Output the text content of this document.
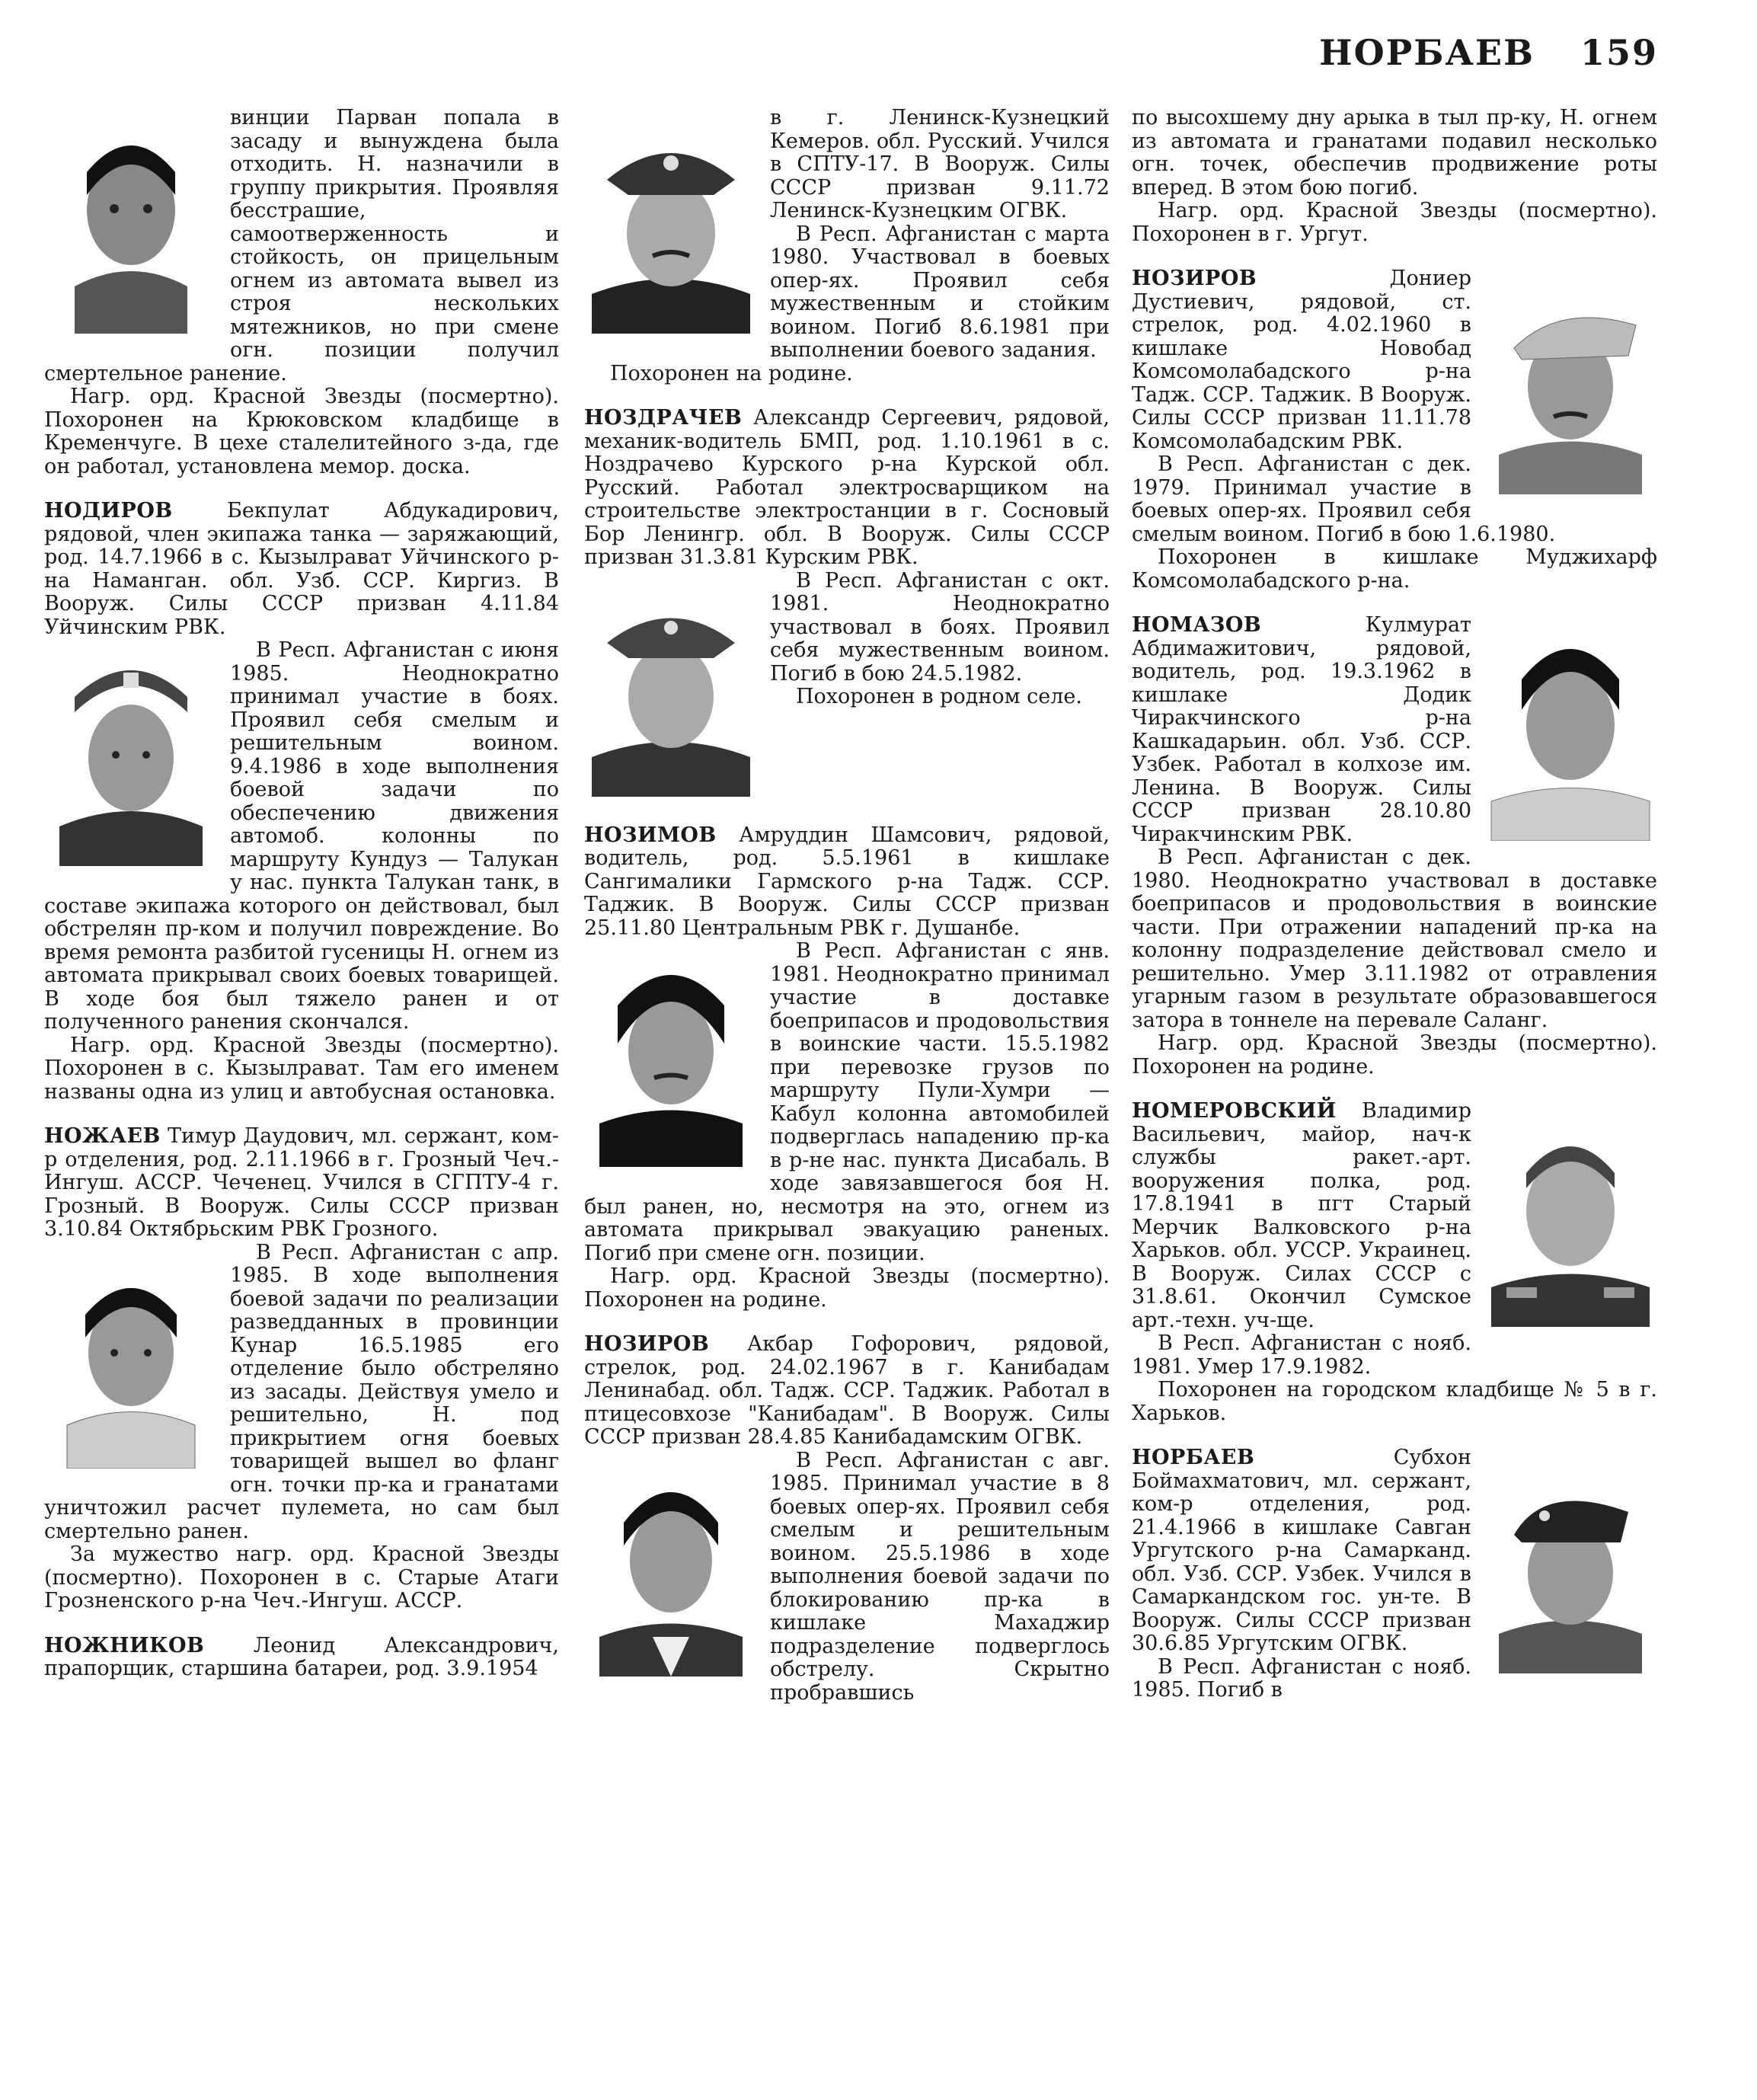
НОРБАЕВ 159

винции Парван попала в засаду и вынуждена была отходить. Н. назначили в группу прикрытия. Проявляя бесстрашие, самоотверженность и стойкость, он прицельным огнем из автомата вывел из строя нескольких мятежников, но при смене огн. позиции получил смертельное ранение.

Нагр. орд. Красной Звезды (посмертно). Похоронен на Крюковском кладбище в Кременчуге. В цехе сталелитейного з-да, где он работал, установлена мемор. доска.

НОДИРОВ	Бекпулат Абдукадирович, рядовой, член экипажа танка — заряжающий, род. 14.7.1966 в с. Кызылрават Уйчинского р-на Наманган. обл. Узб. ССР. Киргиз. В Вооруж. Силы СССР призван 4.11.84 Уйчинским РВК.

В Респ. Афганистан с июня 1985. Неоднократно принимал участие в боях. Проявил себя смелым и решительным воином. 9.4.1986 в ходе выполнения боевой задачи по обеспечению движения автомоб. колонны по маршруту Кундуз — Талукан у нас. пункта Талукан танк, в составе экипажа которого он действовал, был обстрелян пр-ком и получил повреждение. Во время ремонта разбитой гусеницы Н. огнем из автомата прикрывал своих боевых товарищей. В ходе боя был тяжело ранен и от полученного ранения скончался.

Нагр. орд. Красной Звезды (посмертно). Похоронен в с. Кызылрават. Там его именем названы одна из улиц и автобусная остановка.

НОЖАЕВ Тимур Даудович, мл. сержант, ком-р отделения, род. 2.11.1966 в г. Грозный Чеч.-Ингуш. АССР. Чеченец. Учился в СГПТУ-4 г. Грозный. В Вооруж. Силы СССР призван 3.10.84 Октябрьским РВК Грозного.

В Респ. Афганистан с апр. 1985. В ходе выполнения боевой задачи по реализации разведданных в провинции Кунар 16.5.1985 его отделение было обстреляно из засады. Действуя умело и решительно, Н. под прикрытием огня боевых товарищей вышел во фланг огн. точки пр-ка и гранатами уничтожил расчет пулемета, но сам был смертельно ранен.

За мужество нагр. орд. Красной Звезды (посмертно). Похоронен в с. Старые Атаги Грозненского р-на Чеч.-Ингуш. АССР.

НОЖНИКОВ Леонид Александрович, прапорщик, старшина батареи, род. 3.9.1954

в г. Ленинск-Кузнецкий Кемеров. обл. Русский. Учился в СПТУ-17. В Вооруж. Силы СССР призван 9.11.72 Ленинск-Кузнецким ОГВК.

В Респ. Афганистан с марта 1980. Участвовал в боевых опер-ях. Проявил себя мужественным и стойким воином. Погиб 8.6.1981 при выполнении боевого задания.

Похоронен на родине.

НОЗДРАЧЕВ Александр Сергеевич, рядовой, механик-водитель БМП, род. 1.10.1961 в с. Ноздрачево Курского р-на Курской обл. Русский. Работал электросварщиком на строительстве электростанции в г. Сосновый Бор Ленингр. обл. В Вооруж. Силы СССР призван 31.3.81 Курским РВК.

В Респ. Афганистан с окт. 1981. Неоднократно участвовал в боях. Проявил себя мужественным воином. Погиб в бою 24.5.1982.

Похоронен в родном селе.

НОЗИМОВ Амруддин Шамсович, рядовой, водитель, род. 5.5.1961 в кишлаке Сангималики Гармского р-на Тадж. ССР. Таджик. В Вооруж. Силы СССР призван 25.11.80 Центральным РВК г. Душанбе.

В Респ. Афганистан с янв. 1981. Неоднократно принимал участие в доставке боеприпасов и продовольствия в воинские части. 15.5.1982 при перевозке грузов по маршруту Пули-Хумри — Кабул колонна автомобилей подверглась нападению пр-ка в р-не нас. пункта Дисабаль. В ходе завязавшегося боя Н. был ранен, но, несмотря на это, огнем из автомата прикрывал эвакуацию раненых. Погиб при смене огн. позиции.

Нагр. орд. Красной Звезды (посмертно). Похоронен на родине.

НОЗИРОВ Акбар Гофорович, рядовой, стрелок, род. 24.02.1967 в г. Канибадам Ленинабад. обл. Тадж. ССР. Таджик. Работал в птицесовхозе "Канибадам". В Вооруж. Силы СССР призван 28.4.85 Канибадамским ОГВК.

В Респ. Афганистан с авг. 1985. Принимал участие в 8 боевых опер-ях. Проявил себя смелым и решительным воином. 25.5.1986 в ходе выполнения боевой задачи по блокированию пр-ка в кишлаке Махаджир подразделение подверглось обстрелу. Скрытно пробравшись

по высохшему дну арыка в тыл пр-ку, Н. огнем из автомата и гранатами подавил несколько огн. точек, обеспечив продвижение роты вперед. В этом бою погиб.

Нагр. орд. Красной Звезды (посмертно). Похоронен в г. Ургут.

НОЗИРОВ	Дониер Дустиевич, рядовой, ст. стрелок, род. 4.02.1960 в кишлаке Новобад Комсомолабадского р-на Тадж. ССР. Таджик. В Вооруж. Силы СССР призван 11.11.78 Комсомолабадским РВК.

В Респ. Афганистан с дек. 1979. Принимал участие в боевых опер-ях. Проявил себя смелым воином. Погиб в бою 1.6.1980.

Похоронен в кишлаке Муджихарф Комсомолабадского р-на.

НОМАЗОВ	Кулмурат Абдимажитович, рядовой, водитель, род. 19.3.1962 в кишлаке Додик Чиракчинского р-на Кашкадарьин. обл. Узб. ССР. Узбек. Работал в колхозе им. Ленина. В Вооруж. Силы СССР призван 28.10.80 Чиракчинским РВК.

В Респ. Афганистан с дек. 1980. Неоднократно участвовал в доставке боеприпасов и продовольствия в воинские части. При отражении нападений пр-ка на колонну подразделение действовал смело и решительно. Умер 3.11.1982 от отравления угарным газом в результате образовавшегося затора в тоннеле на перевале Саланг.

Нагр. орд. Красной Звезды (посмертно). Похоронен на родине.

НОМЕРОВСКИЙ Владимир Васильевич, майор, нач-к службы ракет.-арт. вооружения полка, род. 17.8.1941 в пгт Старый Мерчик Валковского р-на Харьков. обл. УССР. Украинец. В Вооруж. Силах СССР с 31.8.61. Окончил Сумское арт.-техн. уч-ще.

В Респ. Афганистан с нояб. 1981. Умер 17.9.1982.

Похоронен на городском кладбище № 5 в г. Харьков.

НОРБАЕВ	Субхон Боймахматович, мл. сержант, ком-р отделения, род. 21.4.1966 в кишлаке Савган Ургутского р-на Самарканд. обл. Узб. ССР. Узбек. Учился в Самаркандском гос. ун-те. В Вооруж. Силы СССР призван 30.6.85 Ургутским ОГВК.

В Респ. Афганистан с нояб. 1985. Погиб в
